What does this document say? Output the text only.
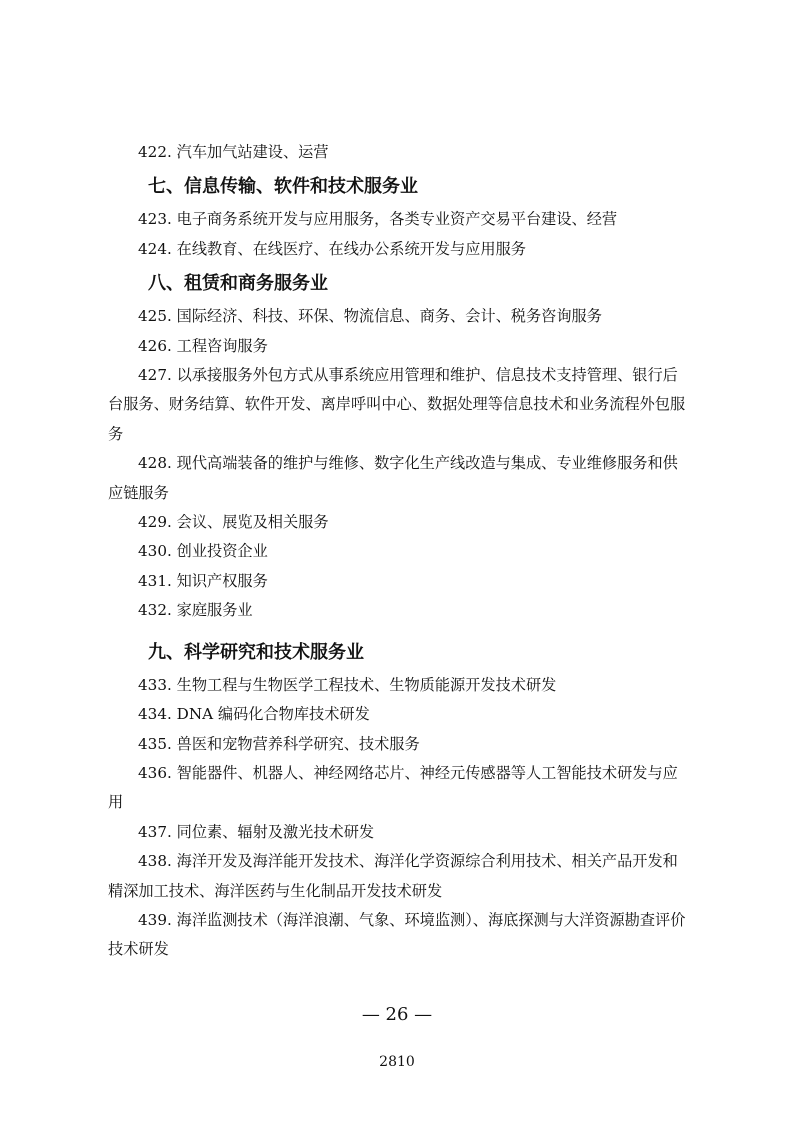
422. 汽车加气站建设、运营

七、信息传输、软件和技术服务业

423. 电子商务系统开发与应用服务，各类专业资产交易平台建设、经营

424. 在线教育、在线医疗、在线办公系统开发与应用服务

八、租赁和商务服务业

425. 国际经济、科技、环保、物流信息、商务、会计、税务咨询服务

426. 工程咨询服务

427. 以承接服务外包方式从事系统应用管理和维护、信息技术支持管理、银行后台服务、财务结算、软件开发、离岸呼叫中心、数据处理等信息技术和业务流程外包服务

428. 现代高端装备的维护与维修、数字化生产线改造与集成、专业维修服务和供应链服务

429. 会议、展览及相关服务

430. 创业投资企业

431. 知识产权服务

432. 家庭服务业

九、科学研究和技术服务业

433. 生物工程与生物医学工程技术、生物质能源开发技术研发

434. DNA 编码化合物库技术研发

435. 兽医和宠物营养科学研究、技术服务

436. 智能器件、机器人、神经网络芯片、神经元传感器等人工智能技术研发与应用

437. 同位素、辐射及激光技术研发

438. 海洋开发及海洋能开发技术、海洋化学资源综合利用技术、相关产品开发和精深加工技术、海洋医药与生化制品开发技术研发

439. 海洋监测技术（海洋浪潮、气象、环境监测）、海底探测与大洋资源勘查评价技术研发

— 26 —
2810
